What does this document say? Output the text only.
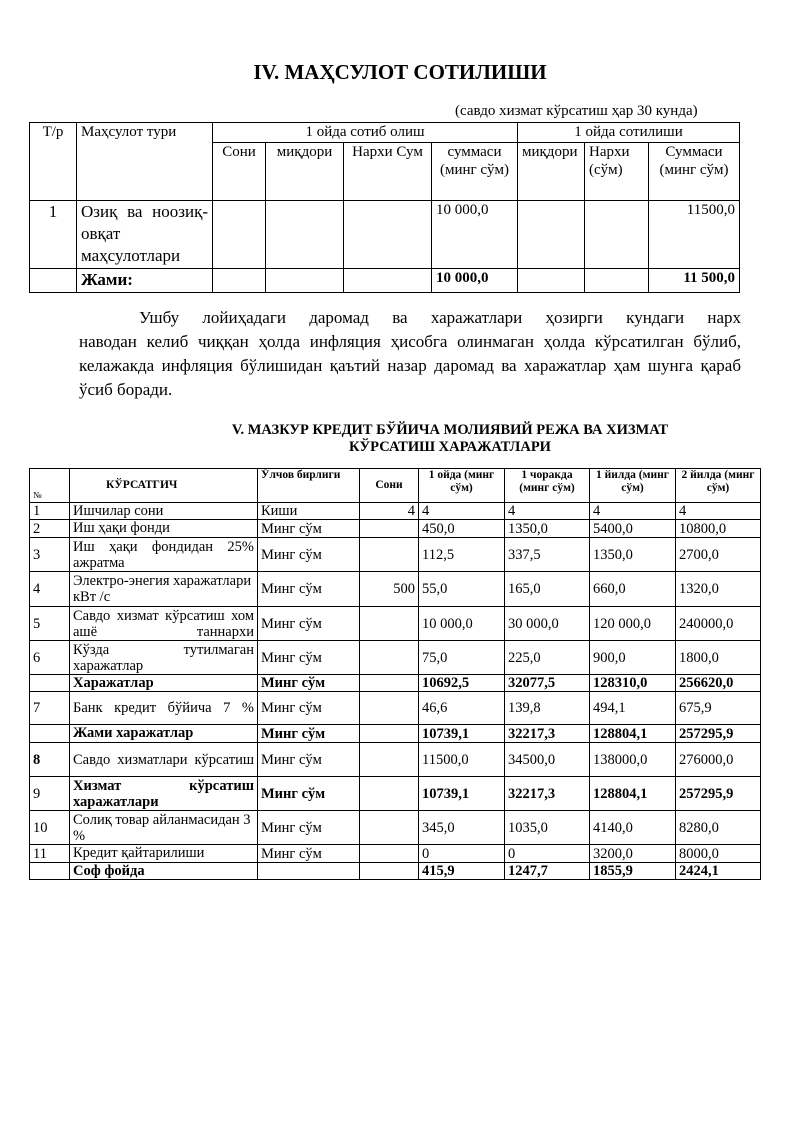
IV. МАҲСУЛОТ СОТИЛИШИ
(савдо хизмат кўрсатиш ҳар 30 кунда)
Т/р	Маҳсулот тури	1 ойда сотиб олиш				1 ойда сотилиши		
		Сони	миқдори	Нархи Сум	суммаси (минг сўм)	миқдори	Нархи (сўм)	Суммаси (минг сўм)
1	Озиқ ва ноозиқ-овқат маҳсулотлари				10 000,0			11500,0
	Жами:				10 000,0			11 500,0
Ушбу лойиҳадаги даромад ва харажатлари ҳозирги кундаги нарх
наводан келиб чиққан ҳолда инфляция ҳисобга олинмаган ҳолда кўрсатилган бўлиб, келажакда инфляция бўлишидан қаътий назар даромад ва харажатлар ҳам шунга қараб ўсиб боради.
V. МАЗКУР КРЕДИТ БЎЙИЧА МОЛИЯВИЙ РЕЖА ВА ХИЗМАТ
КЎРСАТИШ ХАРАЖАТЛАРИ
№	КЎРСАТГИЧ	Ўлчов бирлиги	Сони	1 ойда (минг сўм)	1 чоракда (минг сўм)	1 йилда (минг сўм)	2 йилда (минг сўм)
1	Ишчилар сони	Киши	4	4	4	4	4
2	Иш ҳақи фонди	Минг сўм		450,0	1350,0	5400,0	10800,0
3	Иш ҳақи фондидан 25% ажратма	Минг сўм		112,5	337,5	1350,0	2700,0
4	Электро-энегия харажатлари кВт /с	Минг сўм	500	55,0	165,0	660,0	1320,0
5	Савдо хизмат кўрсатиш хом ашё таннархи	Минг сўм		10 000,0	30 000,0	120 000,0	240000,0
6	Кўзда тутилмаган харажатлар	Минг сўм		75,0	225,0	900,0	1800,0
	Харажатлар	Минг сўм		10692,5	32077,5	128310,0	256620,0
7	Банк кредит бўйича 7 %	Минг сўм		46,6	139,8	494,1	675,9
	Жами харажатлар	Минг сўм		10739,1	32217,3	128804,1	257295,9
8	Савдо хизматлари кўрсатиш	Минг сўм		11500,0	34500,0	138000,0	276000,0
9	Хизмат кўрсатиш харажатлари	Минг сўм		10739,1	32217,3	128804,1	257295,9
10	Солиқ товар айланмасидан 3 %	Минг сўм		345,0	1035,0	4140,0	8280,0
11	Кредит қайтарилиши	Минг сўм		0	0	3200,0	8000,0
	Соф фойда			415,9	1247,7	1855,9	2424,1
